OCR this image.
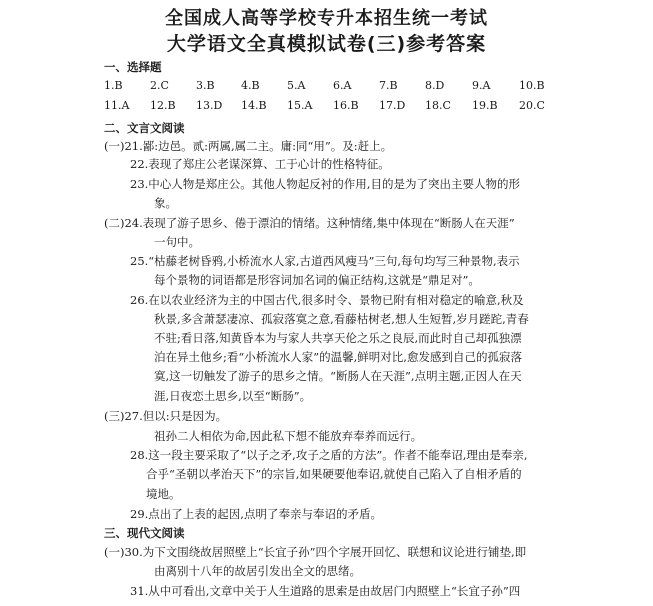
全国成人高等学校专升本招生统一考试
大学语文全真模拟试卷(三)参考答案
一、选择题
1.B 2.C 3.B 4.B 5.A	6.A	7.B 8.D	9.A	10.B
11.A 12.B 13.D 14.B 15.A 16.B 17.D 18.C 19.B 20.C
二、文言文阅读
(一)21.鄙:边邑。贰:两属,属二主。庸:同“用”。及:赶上。
22.表现了郑庄公老谋深算、工于心计的性格特征。
23.中心人物是郑庄公。其他人物起反衬的作用,目的是为了突出主要人物的形
象。
(二)24.表现了游子思乡、倦于漂泊的情绪。这种情绪,集中体现在“断肠人在天涯”
一句中。
25.“枯藤老树昏鸦,小桥流水人家,古道西风瘦马”三句,每句均写三种景物,表示
每个景物的词语都是形容词加名词的偏正结构,这就是“鼎足对”。
26.在以农业经济为主的中国古代,很多时令、景物已附有相对稳定的喻意,秋及
秋景,多含萧瑟凄凉、孤寂落寞之意,看藤枯树老,想人生短暂,岁月蹉跎,青春
不驻;看日落,知黄昏本为与家人共享天伦之乐之良辰,而此时自己却孤独漂
泊在异土他乡;看“小桥流水人家”的温馨,鲜明对比,愈发感到自己的孤寂落
寞,这一切触发了游子的思乡之情。“断肠人在天涯”,点明主题,正因人在天
涯,日夜恋土思乡,以至“断肠”。
(三)27.但以:只是因为。
祖孙二人相依为命,因此私下想不能放弃奉养而远行。
28.这一段主要采取了“以子之矛,攻子之盾的方法”。作者不能奉诏,理由是奉亲,
合乎“圣朝以孝治天下”的宗旨,如果硬要他奉诏,就使自己陷入了自相矛盾的
境地。
29.点出了上表的起因,点明了奉亲与奉诏的矛盾。
三、现代文阅读
(一)30.为下文围绕故居照壁上“长宜子孙”四个字展开回忆、联想和议论进行铺垫,即
由离别十八年的故居引发出全文的思绪。
31.从中可看出,文章中关于人生道路的思索是由故居门内照壁上“长宜子孙”四
